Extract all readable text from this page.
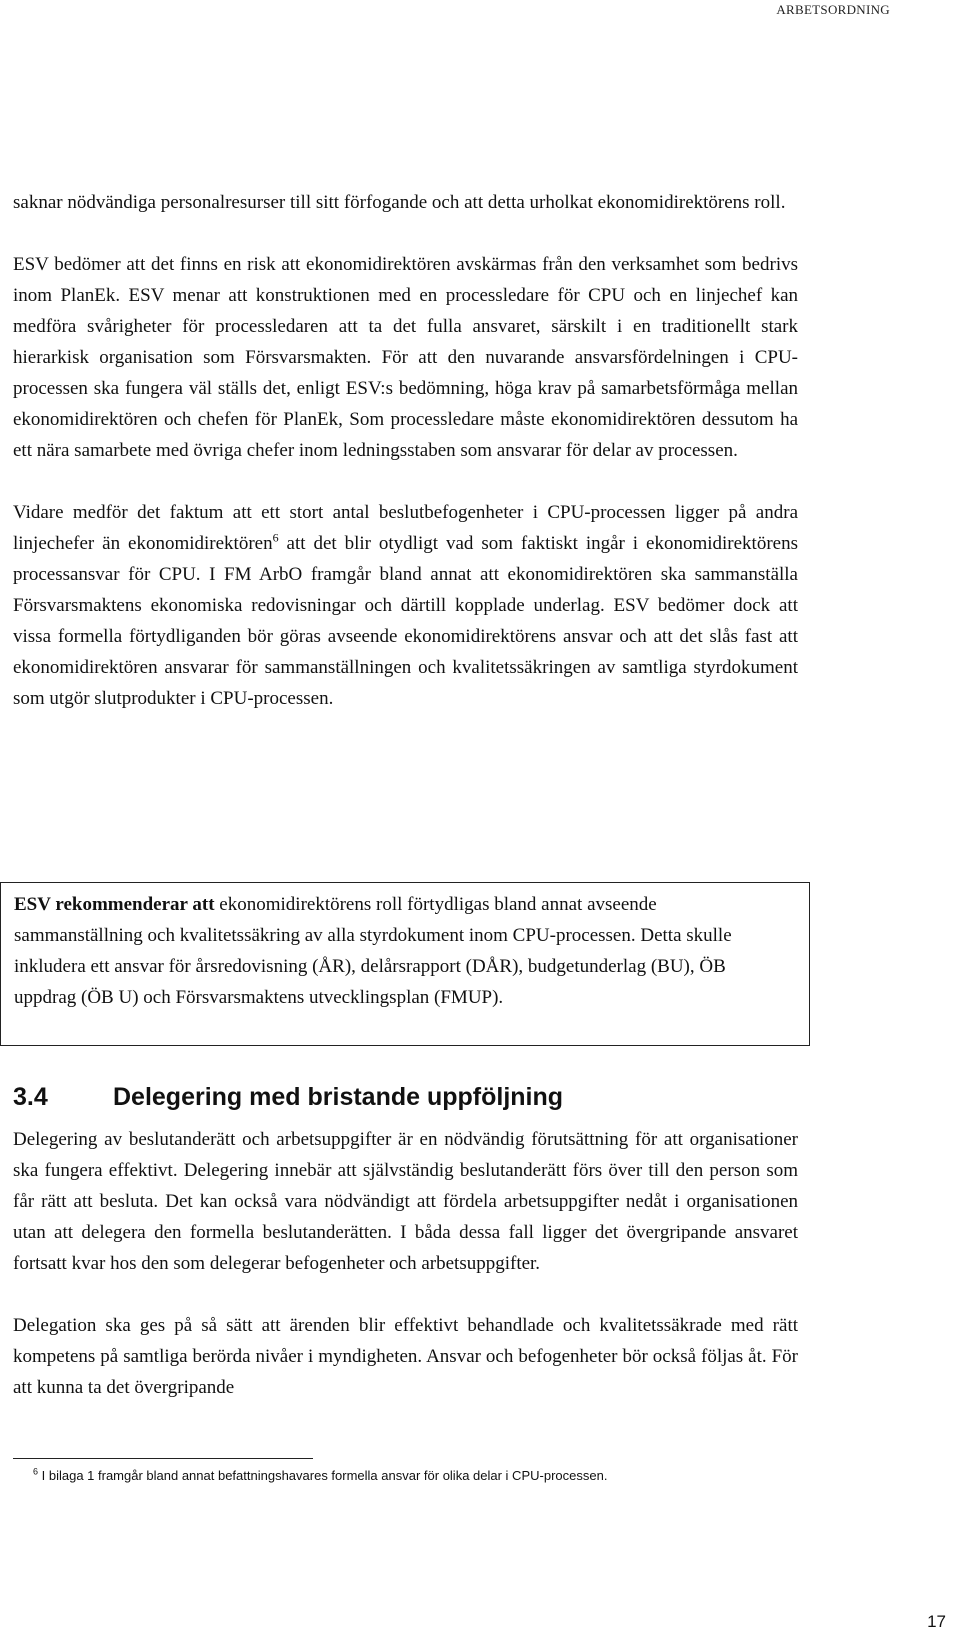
ARBETSORDNING

saknar nödvändiga personalresurser till sitt förfogande och att detta urholkat ekonomidirektörens roll.

ESV bedömer att det finns en risk att ekonomidirektören avskärmas från den verksamhet som bedrivs inom PlanEk. ESV menar att konstruktionen med en processledare för CPU och en linjechef kan medföra svårigheter för processledaren att ta det fulla ansvaret, särskilt i en traditionellt stark hierarkisk organisation som Försvarsmakten. För att den nuvarande ansvarsfördelningen i CPU-processen ska fungera väl ställs det, enligt ESV:s bedömning, höga krav på samarbetsförmåga mellan ekonomidirektören och chefen för PlanEk, Som processledare måste ekonomidirektören dessutom ha ett nära samarbete med övriga chefer inom ledningsstaben som ansvarar för delar av processen.

Vidare medför det faktum att ett stort antal beslutbefogenheter i CPU-processen ligger på andra linjechefer än ekonomidirektören$^6$ att det blir otydligt vad som faktiskt ingår i ekonomidirektörens processansvar för CPU. I FM ArbO framgår bland annat att ekonomidirektören ska sammanställa Försvarsmaktens ekonomiska redovisningar och därtill kopplade underlag. ESV bedömer dock att vissa formella förtydliganden bör göras avseende ekonomidirektörens ansvar och att det slås fast att ekonomidirektören ansvarar för sammanställningen och kvalitetssäkringen av samtliga styrdokument som utgör slutprodukter i CPU-processen.

ESV rekommenderar att ekonomidirektörens roll förtydligas bland annat avseende sammanställning och kvalitetssäkring av alla styrdokument inom CPU-processen. Detta skulle inkludera ett ansvar för årsredovisning (ÅR), delårsrapport (DÅR), budgetunderlag (BU), ÖB uppdrag (ÖB U) och Försvarsmaktens utvecklingsplan (FMUP).

3.4	Delegering med bristande uppföljning

Delegering av beslutanderätt och arbetsuppgifter är en nödvändig förutsättning för att organisationer ska fungera effektivt. Delegering innebär att självständig beslutanderätt förs över till den person som får rätt att besluta. Det kan också vara nödvändigt att fördela arbetsuppgifter nedåt i organisationen utan att delegera den formella beslutanderätten. I båda dessa fall ligger det övergripande ansvaret fortsatt kvar hos den som delegerar befogenheter och arbetsuppgifter.

Delegation ska ges på så sätt att ärenden blir effektivt behandlade och kvalitetssäkrade med rätt kompetens på samtliga berörda nivåer i myndigheten. Ansvar och befogenheter bör också följas åt. För att kunna ta det övergripande

$^6$ I bilaga 1 framgår bland annat befattningshavares formella ansvar för olika delar i CPU-processen.
17
